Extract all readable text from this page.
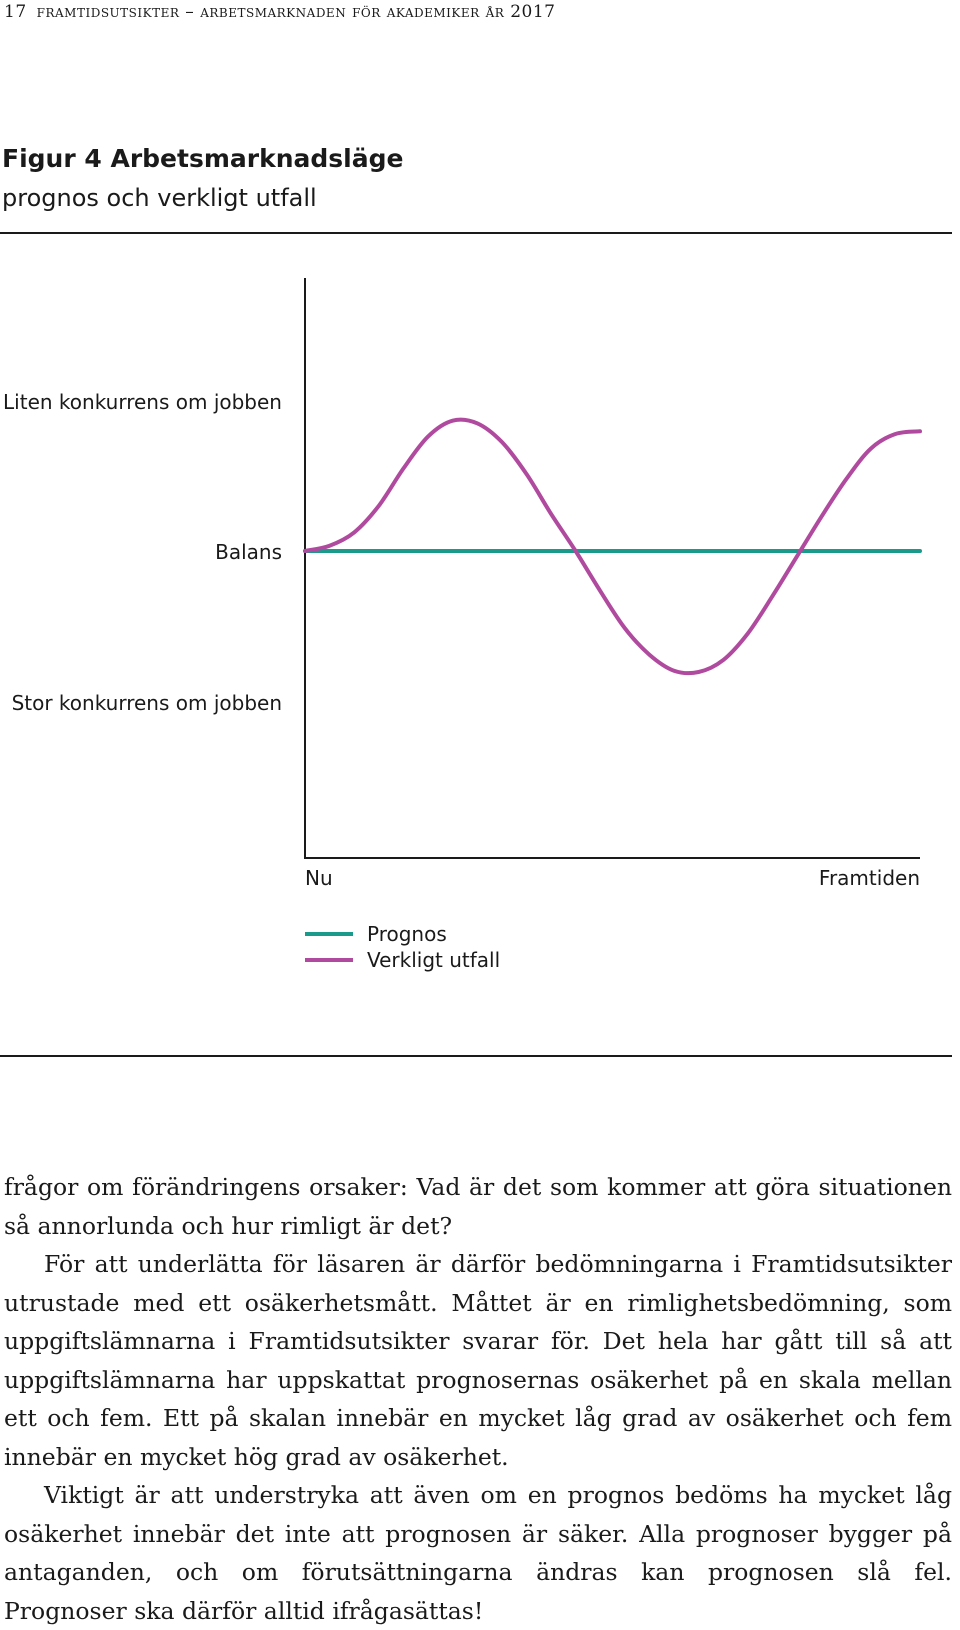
17 framtidsutsikter – arbetsmarknaden för akademiker år 2017
Figur 4 Arbetsmarknadsläge
prognos och verkligt utfall
Liten konkurrens om jobben
Balans
Stor konkurrens om jobben
Nu	Framtiden
Prognos
Verkligt utfall

frågor om förändringens orsaker: Vad är det som kommer att göra situationen så annorlunda och hur rimligt är det?

För att underlätta för läsaren är därför bedömningarna i Framtidsutsikter utrustade med ett osäkerhetsmått. Måttet är en rimlighetsbedömning, som uppgiftslämnarna i Framtidsutsikter svarar för. Det hela har gått till så att uppgiftslämnarna har uppskattat prognosernas osäkerhet på en skala mellan ett och fem. Ett på skalan innebär en mycket låg grad av osäkerhet och fem innebär en mycket hög grad av osäkerhet.

Viktigt är att understryka att även om en prognos bedöms ha mycket låg osäkerhet innebär det inte att prognosen är säker. Alla prognoser bygger på antaganden, och om förutsättningarna ändras kan prognosen slå fel. Prognoser ska därför alltid ifrågasättas!
